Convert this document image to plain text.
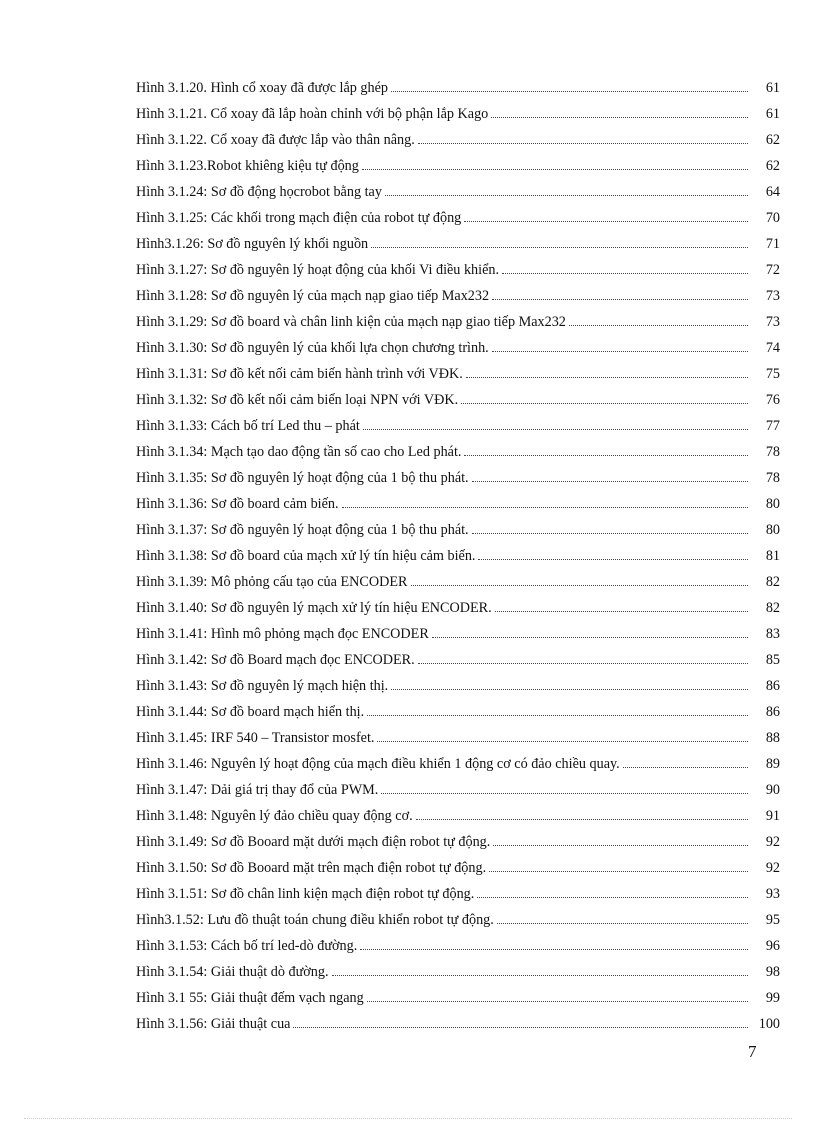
Hình 3.1.20. Hình cổ xoay đã được lắp ghép	61
Hình 3.1.21. Cổ xoay đã lắp hoàn chỉnh với bộ phận lắp Kago	61
Hình 3.1.22. Cổ xoay đã được lắp vào thân nâng.	62
Hình 3.1.23.Robot khiêng kiệu tự động	62
Hình 3.1.24: Sơ đồ động họcrobot bằng tay	64
Hình 3.1.25: Các khối trong mạch điện của robot tự động	70
Hình3.1.26: Sơ đồ nguyên lý khối nguồn	71
Hình 3.1.27: Sơ đồ nguyên lý hoạt động của khối Vi điều khiển.	72
Hình 3.1.28: Sơ đồ nguyên lý của mạch nạp giao tiếp Max232	73
Hình 3.1.29: Sơ đồ board và chân linh kiện của mạch nạp giao tiếp Max232	73
Hình 3.1.30: Sơ đồ nguyên lý của khối lựa chọn chương trình.	74
Hình 3.1.31: Sơ đồ kết nối cảm biến hành trình với VĐK.	75
Hình 3.1.32: Sơ đồ kết nối cảm biến loại NPN với VĐK.	76
Hình 3.1.33: Cách bố trí Led thu – phát	77
Hình 3.1.34: Mạch tạo dao động tần số cao cho Led phát.	78
Hình 3.1.35: Sơ đồ nguyên lý hoạt động của 1 bộ thu phát.	78
Hình 3.1.36: Sơ đồ board cảm biến.	80
Hình 3.1.37: Sơ đồ nguyên lý hoạt động của 1 bộ thu phát.	80
Hình 3.1.38: Sơ đồ board của mạch xử lý tín hiệu cảm biến.	81
Hình 3.1.39: Mô phỏng cấu tạo của ENCODER	82
Hình 3.1.40: Sơ đồ nguyên lý mạch xử lý tín hiệu ENCODER.	82
Hình 3.1.41: Hình mô phỏng mạch đọc ENCODER	83
Hình 3.1.42: Sơ đồ Board mạch đọc ENCODER.	85
Hình 3.1.43: Sơ đồ nguyên lý mạch hiện thị.	86
Hình 3.1.44: Sơ đồ board mạch hiển thị.	86
Hình 3.1.45: IRF 540 – Transistor mosfet.	88
Hình 3.1.46: Nguyên lý hoạt động của mạch điều khiển 1 động cơ có đảo chiều quay.	89
Hình 3.1.47: Dải giá trị thay đổ của PWM.	90
Hình 3.1.48: Nguyên lý đảo chiều quay động cơ.	91
Hình 3.1.49: Sơ đồ Booard mặt dưới mạch điện robot tự động.	92
Hình 3.1.50: Sơ đồ Booard mặt trên mạch điện robot tự động.	92
Hình 3.1.51: Sơ đồ chân linh kiện mạch điện robot tự động.	93
Hình3.1.52: Lưu đồ thuật toán chung điều khiển robot tự động.	95
Hình 3.1.53: Cách bố trí led-dò đường.	96
Hình 3.1.54: Giải thuật dò đường.	98
Hình 3.1 55: Giải thuật đếm vạch ngang	99
Hình 3.1.56: Giải thuật cua	100
7
